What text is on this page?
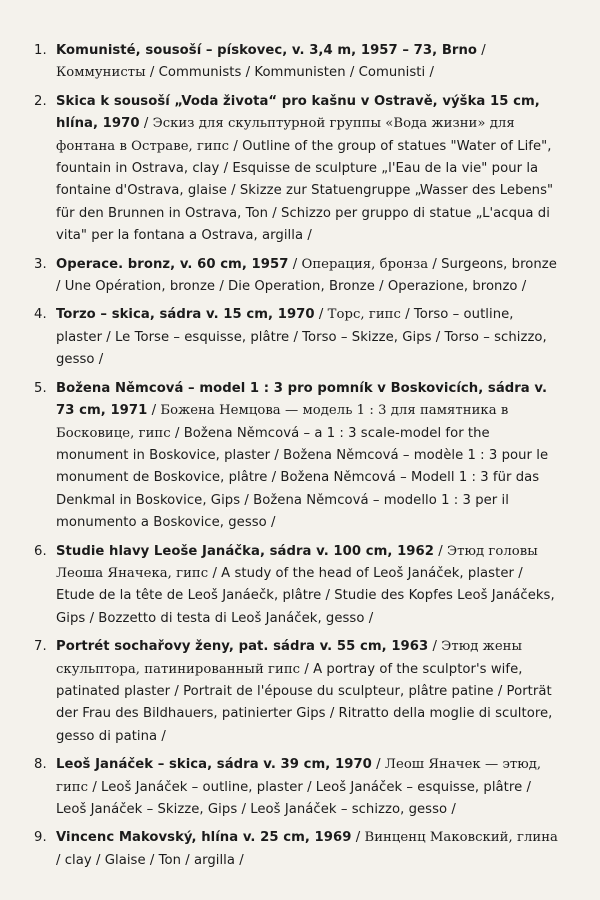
1. Komunisté, sousoší – pískovec, v. 3,4 m, 1957 – 73, Brno / Коммунисты / Communists / Kommunisten / Comunisti /
2. Skica k sousoší „Voda života“ pro kašnu v Ostravě, výška 15 cm, hlína, 1970 / Эскиз для скульптурной группы «Вода жизни» для фонтана в Остраве, гипс / Outline of the group of statues "Water of Life", fountain in Ostrava, clay / Esquisse de sculpture „l'Eau de la vie" pour la fontaine d'Ostrava, glaise / Skizze zur Statuengruppe „Wasser des Lebens" für den Brunnen in Ostrava, Ton / Schizzo per gruppo di statue „L'acqua di vita" per la fontana a Ostrava, argilla /
3. Operace. bronz, v. 60 cm, 1957 / Операция, бронза / Surgeons, bronze / Une Opération, bronze / Die Operation, Bronze / Operazione, bronzo /
4. Torzo – skica, sádra v. 15 cm, 1970 / Торс, гипс / Torso – outline, plaster / Le Torse – esquisse, plâtre / Torso – Skizze, Gips / Torso – schizzo, gesso /
5. Božena Němcová – model 1 : 3 pro pomník v Boskovicích, sádra v. 73 cm, 1971 / Божена Немцова — модель 1 : 3 для памятника в Босковице, гипс / Božena Němcová – a 1 : 3 scale-model for the monument in Boskovice, plaster / Božena Němcová – modèle 1 : 3 pour le monument de Boskovice, plâtre / Božena Němcová – Modell 1 : 3 für das Denkmal in Boskovice, Gips / Božena Němcová – modello 1 : 3 per il monumento a Boskovice, gesso /
6. Studie hlavy Leoše Janáčka, sádra v. 100 cm, 1962 / Этюд головы Леоша Яначека, гипс / A study of the head of Leoš Janáček, plaster / Etude de la tête de Leoš Janáečk, plâtre / Studie des Kopfes Leoš Janáčeks, Gips / Bozzetto di testa di Leoš Janáček, gesso /
7. Portrét sochařovy ženy, pat. sádra v. 55 cm, 1963 / Этюд жены скульптора, патинированный гипс / A portray of the sculptor's wife, patinated plaster / Portrait de l'épouse du sculpteur, plâtre patine / Porträt der Frau des Bildhauers, patinierter Gips / Ritratto della moglie di scultore, gesso di patina /
8. Leoš Janáček – skica, sádra v. 39 cm, 1970 / Леош Яначек — этюд, гипс / Leoš Janáček – outline, plaster / Leoš Janáček – esquisse, plâtre / Leoš Janáček – Skizze, Gips / Leoš Janáček – schizzo, gesso /
9. Vincenc Makovský, hlína v. 25 cm, 1969 / Винценц Маковский, глина / clay / Glaise / Ton / argilla /
